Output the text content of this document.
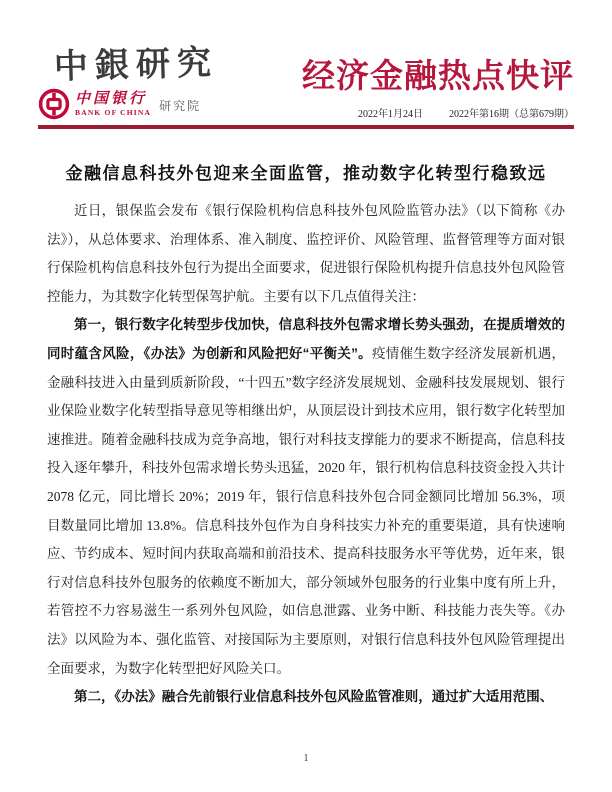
中銀研究
中国银行
BANK OF CHINA 研究院
经济金融热点快评
2022年1月24日	2022年第16期（总第679期）
金融信息科技外包迎来全面监管，推动数字化转型行稳致远

近日，银保监会发布《银行保险机构信息科技外包风险监管办法》（以下简称《办法》），从总体要求、治理体系、准入制度、监控评价、风险管理、监督管理等方面对银行保险机构信息科技外包行为提出全面要求，促进银行保险机构提升信息技外包风险管控能力，为其数字化转型保驾护航。主要有以下几点值得关注：

第一，银行数字化转型步伐加快，信息科技外包需求增长势头强劲，在提质增效的同时蕴含风险，《办法》为创新和风险把好“平衡关”。疫情催生数字经济发展新机遇，金融科技进入由量到质新阶段，“十四五”数字经济发展规划、金融科技发展规划、银行业保险业数字化转型指导意见等相继出炉，从顶层设计到技术应用，银行数字化转型加速推进。随着金融科技成为竞争高地，银行对科技支撑能力的要求不断提高，信息科技投入逐年攀升，科技外包需求增长势头迅猛，2020 年，银行机构信息科技资金投入共计 2078 亿元，同比增长 20%；2019 年，银行信息科技外包合同金额同比增加 56.3%，项目数量同比增加 13.8%。信息科技外包作为自身科技实力补充的重要渠道，具有快速响应、节约成本、短时间内获取高端和前沿技术、提高科技服务水平等优势，近年来，银行对信息科技外包服务的依赖度不断加大，部分领域外包服务的行业集中度有所上升，若管控不力容易滋生一系列外包风险，如信息泄露、业务中断、科技能力丧失等。《办法》以风险为本、强化监管、对接国际为主要原则，对银行信息科技外包风险管理提出全面要求，为数字化转型把好风险关口。

第二，《办法》融合先前银行业信息科技外包风险监管准则，通过扩大适用范围、

1
